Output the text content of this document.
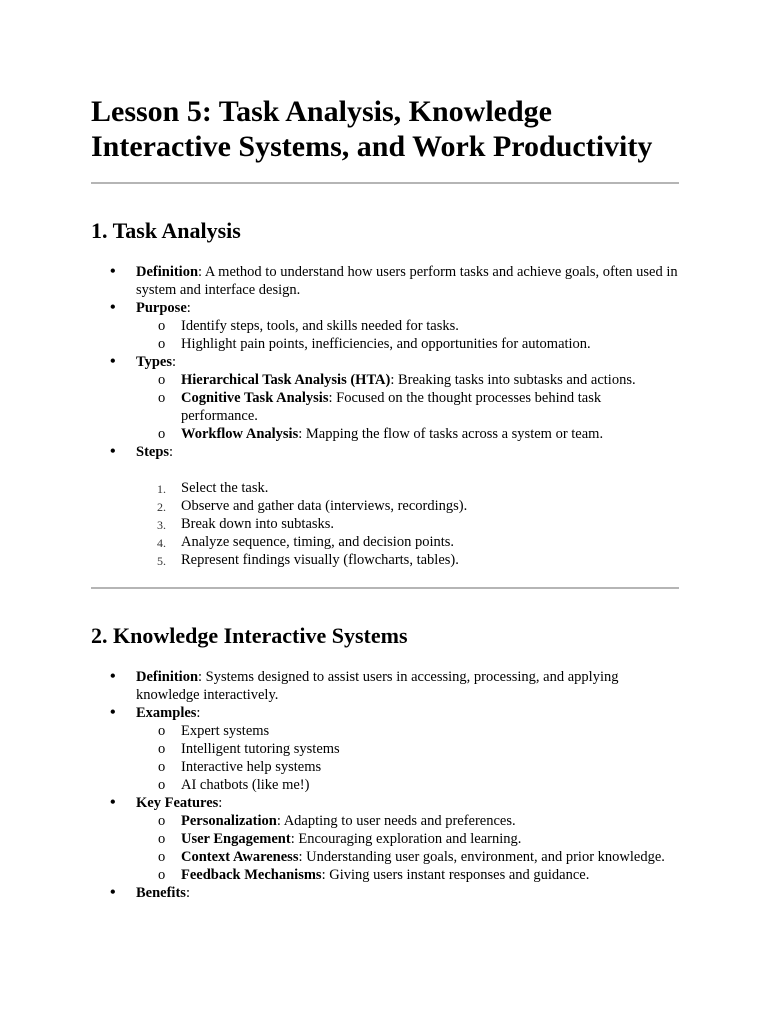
Lesson 5: Task Analysis, Knowledge
Interactive Systems, and Work Productivity
1. Task Analysis
• Definition: A method to understand how users perform tasks and achieve goals, often used in system and interface design.
• Purpose:
o Identify steps, tools, and skills needed for tasks.
o Highlight pain points, inefficiencies, and opportunities for automation.
• Types:
o Hierarchical Task Analysis (HTA): Breaking tasks into subtasks and actions.
o Cognitive Task Analysis: Focused on the thought processes behind task performance.
o Workflow Analysis: Mapping the flow of tasks across a system or team.
• Steps:
1. Select the task.
2. Observe and gather data (interviews, recordings).
3. Break down into subtasks.
4. Analyze sequence, timing, and decision points.
5. Represent findings visually (flowcharts, tables).
2. Knowledge Interactive Systems
• Definition: Systems designed to assist users in accessing, processing, and applying knowledge interactively.
• Examples:
o Expert systems
o Intelligent tutoring systems
o Interactive help systems
o AI chatbots (like me!)
• Key Features:
o Personalization: Adapting to user needs and preferences.
o User Engagement: Encouraging exploration and learning.
o Context Awareness: Understanding user goals, environment, and prior knowledge.
o Feedback Mechanisms: Giving users instant responses and guidance.
• Benefits:
